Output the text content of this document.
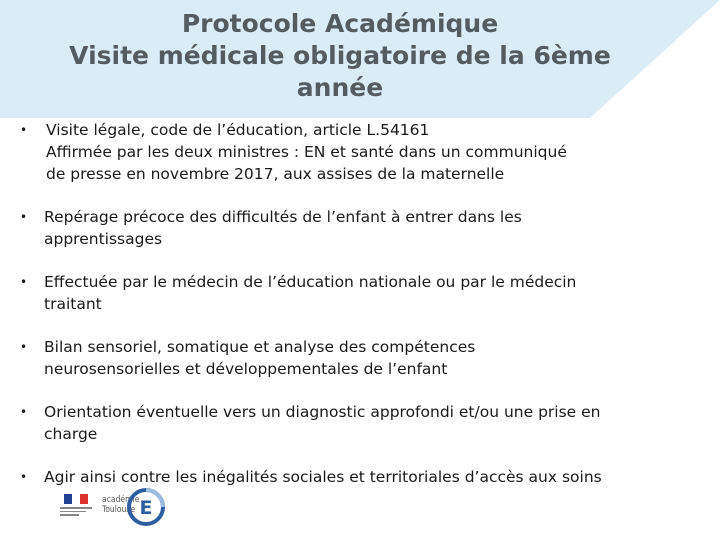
Protocole Académique
Visite médicale obligatoire de la 6ème
année
• Visite légale, code de l’éducation, article L.54161
Affirmée par les deux ministres : EN et santé dans un communiqué
de presse en novembre 2017, aux assises de la maternelle
• Repérage précoce des difficultés de l’enfant à entrer dans les
apprentissages
• Effectuée par le médecin de l’éducation nationale ou par le médecin
traitant
• Bilan sensoriel, somatique et analyse des compétences
neurosensorielles et développementales de l’enfant
• Orientation éventuelle vers un diagnostic approfondi et/ou une prise en
charge
• Agir ainsi contre les inégalités sociales et territoriales d’accès aux soins
académie
Toulouse E
